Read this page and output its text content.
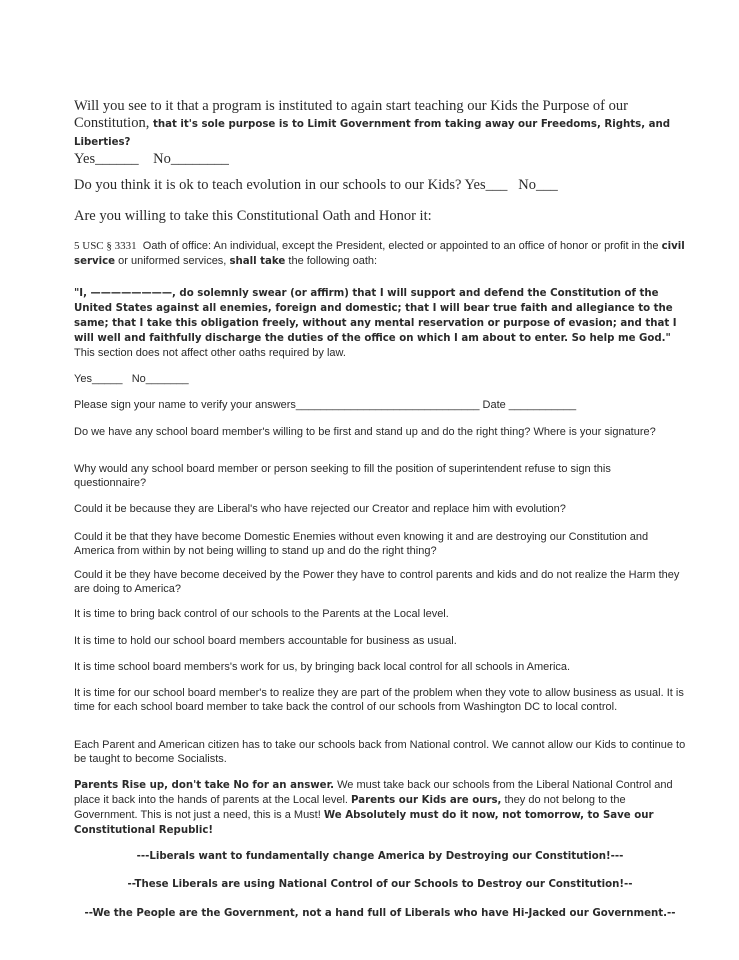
Will you see to it that a program is instituted to again start teaching our Kids the Purpose of our Constitution, that it's sole purpose is to Limit Government from taking away our Freedoms, Rights, and Liberties?
Yes______ No________

Do you think it is ok to teach evolution in our schools to our Kids? Yes___ No___

Are you willing to take this Constitutional Oath and Honor it:

5 USC § 3331 Oath of office: An individual, except the President, elected or appointed to an office of honor or profit in the civil service or uniformed services, shall take the following oath:

"I, ————————, do solemnly swear (or affirm) that I will support and defend the Constitution of the United States against all enemies, foreign and domestic; that I will bear true faith and allegiance to the same; that I take this obligation freely, without any mental reservation or purpose of evasion; and that I will well and faithfully discharge the duties of the office on which I am about to enter. So help me God." This section does not affect other oaths required by law.

Yes_____ No_______

Please sign your name to verify your answers______________________________ Date ___________

Do we have any school board member's willing to be first and stand up and do the right thing? Where is your signature?

Why would any school board member or person seeking to fill the position of superintendent refuse to sign this questionnaire?

Could it be because they are Liberal's who have rejected our Creator and replace him with evolution?

Could it be that they have become Domestic Enemies without even knowing it and are destroying our Constitution and America from within by not being willing to stand up and do the right thing?

Could it be they have become deceived by the Power they have to control parents and kids and do not realize the Harm they are doing to America?

It is time to bring back control of our schools to the Parents at the Local level.

It is time to hold our school board members accountable for business as usual.

It is time school board members's work for us, by bringing back local control for all schools in America.

It is time for our school board member's to realize they are part of the problem when they vote to allow business as usual. It is time for each school board member to take back the control of our schools from Washington DC to local control.

Each Parent and American citizen has to take our schools back from National control. We cannot allow our Kids to continue to be taught to become Socialists.

Parents Rise up, don't take No for an answer. We must take back our schools from the Liberal National Control and place it back into the hands of parents at the Local level. Parents our Kids are ours, they do not belong to the Government. This is not just a need, this is a Must! We Absolutely must do it now, not tomorrow, to Save our Constitutional Republic!

---Liberals want to fundamentally change America by Destroying our Constitution!---

--These Liberals are using National Control of our Schools to Destroy our Constitution!--

--We the People are the Government, not a hand full of Liberals who have Hi-Jacked our Government.--
